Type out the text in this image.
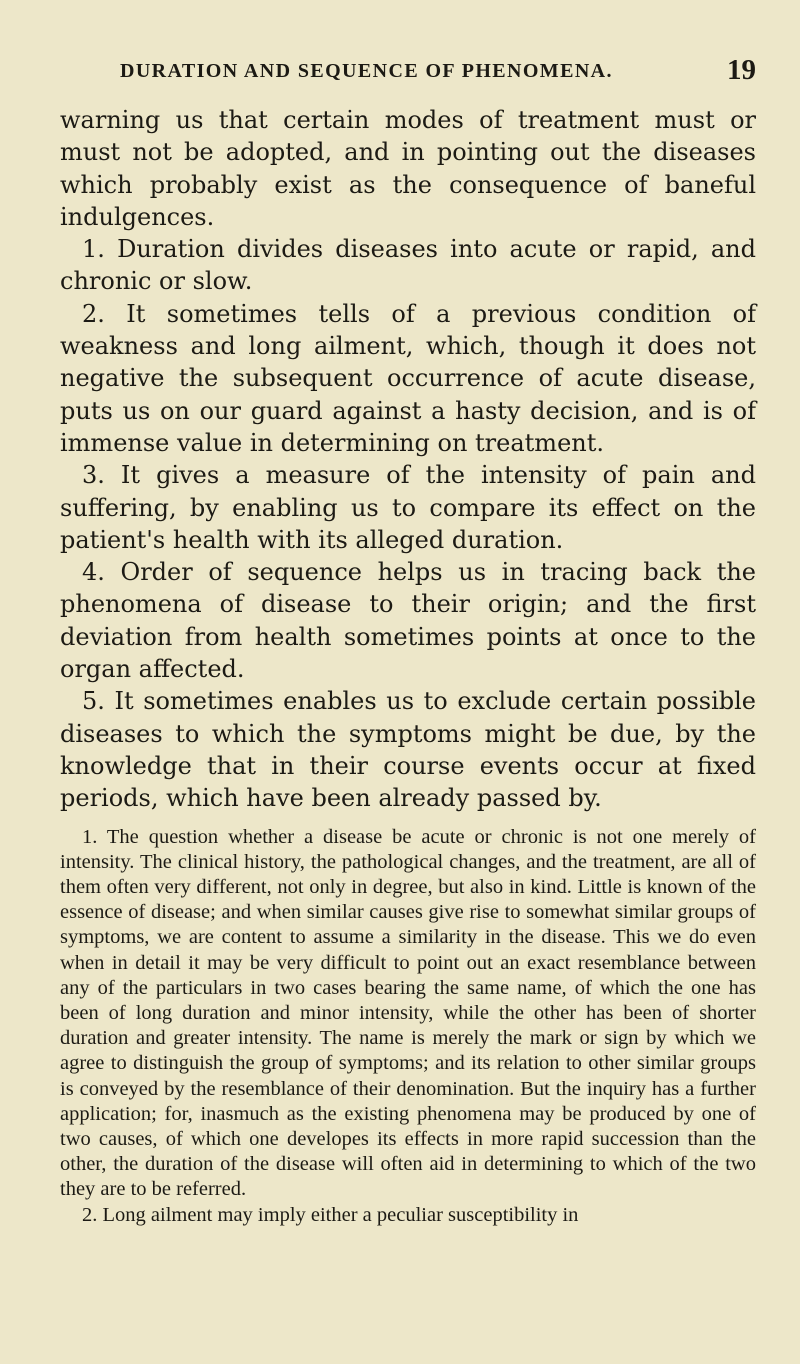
DURATION AND SEQUENCE OF PHENOMENA.	19

warning us that certain modes of treatment must or must not be adopted, and in pointing out the diseases which probably exist as the consequence of baneful indulgences.

1. Duration divides diseases into acute or rapid, and chronic or slow.

2. It sometimes tells of a previous condition of weakness and long ailment, which, though it does not negative the subsequent occurrence of acute disease, puts us on our guard against a hasty decision, and is of immense value in determining on treatment.

3. It gives a measure of the intensity of pain and suffering, by enabling us to compare its effect on the patient's health with its alleged duration.

4. Order of sequence helps us in tracing back the phenomena of disease to their origin; and the first deviation from health sometimes points at once to the organ affected.

5. It sometimes enables us to exclude certain possible diseases to which the symptoms might be due, by the knowledge that in their course events occur at fixed periods, which have been already passed by.

1. The question whether a disease be acute or chronic is not one merely of intensity. The clinical history, the pathological changes, and the treatment, are all of them often very different, not only in degree, but also in kind. Little is known of the essence of disease; and when similar causes give rise to somewhat similar groups of symptoms, we are content to assume a similarity in the disease. This we do even when in detail it may be very difficult to point out an exact resemblance between any of the particulars in two cases bearing the same name, of which the one has been of long duration and minor intensity, while the other has been of shorter duration and greater intensity. The name is merely the mark or sign by which we agree to distinguish the group of symptoms; and its relation to other similar groups is conveyed by the resemblance of their denomination. But the inquiry has a further application; for, inasmuch as the existing phenomena may be produced by one of two causes, of which one developes its effects in more rapid succession than the other, the duration of the disease will often aid in determining to which of the two they are to be referred.

2. Long ailment may imply either a peculiar susceptibility in
